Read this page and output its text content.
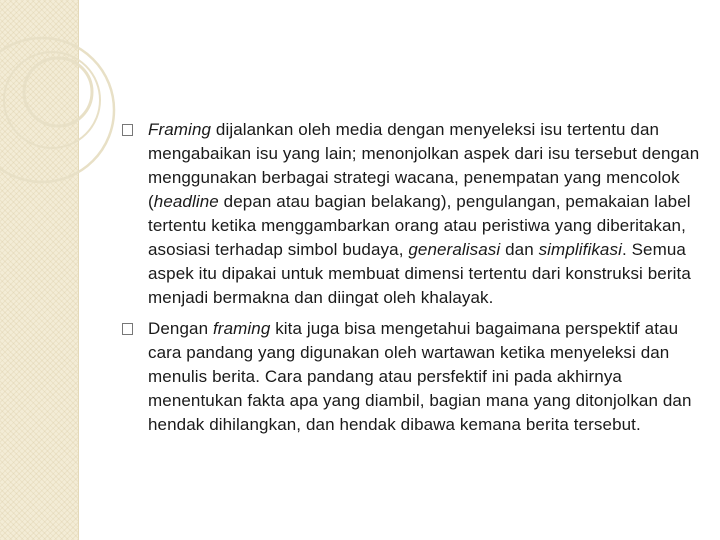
Framing dijalankan oleh media dengan menyeleksi isu tertentu dan mengabaikan isu yang lain; menonjolkan aspek dari isu tersebut dengan menggunakan berbagai strategi wacana, penempatan yang mencolok (headline depan atau bagian belakang), pengulangan, pemakaian label tertentu ketika menggambarkan orang atau peristiwa yang diberitakan, asosiasi terhadap simbol budaya, generalisasi dan simplifikasi. Semua aspek itu dipakai untuk membuat dimensi tertentu dari konstruksi berita menjadi bermakna dan diingat oleh khalayak.
Dengan framing kita juga bisa mengetahui bagaimana perspektif atau cara pandang yang digunakan oleh wartawan ketika menyeleksi dan menulis berita. Cara pandang atau persfektif ini pada akhirnya menentukan fakta apa yang diambil, bagian mana yang ditonjolkan dan hendak dihilangkan, dan hendak dibawa kemana berita tersebut.
